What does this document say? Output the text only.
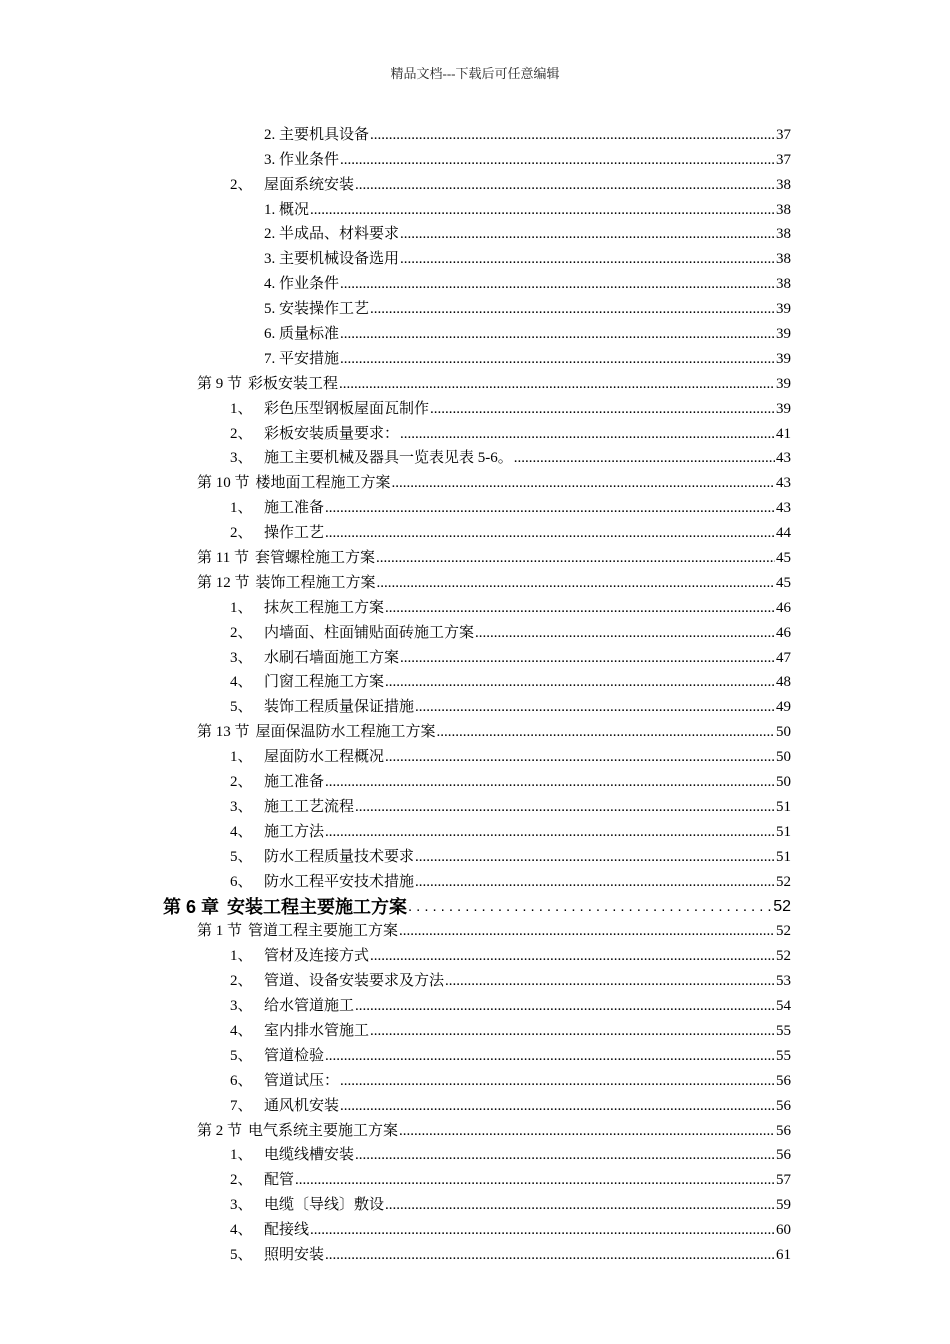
精品文档---下载后可任意编辑
2. 主要机具设备 .....	37
3. 作业条件 .....	37
2、 屋面系统安装 .....	38
1. 概况 .....	38
2. 半成品、材料要求 .....	38
3. 主要机械设备选用 .....	38
4. 作业条件 .....	38
5. 安装操作工艺 .....	39
6. 质量标准 .....	39
7. 平安措施 .....	39
第 9 节 彩板安装工程 .....	39
1、 彩色压型钢板屋面瓦制作 .....	39
2、 彩板安装质量要求： .....	41
3、 施工主要机械及器具一览表见表 5-6。 .....	43
第 10 节 楼地面工程施工方案 .....	43
1、 施工准备 .....	43
2、 操作工艺 .....	44
第 11 节 套管螺栓施工方案 .....	45
第 12 节 装饰工程施工方案 .....	45
1、 抹灰工程施工方案 .....	46
2、 内墙面、柱面铺贴面砖施工方案 .....	46
3、 水刷石墙面施工方案 .....	47
4、 门窗工程施工方案 .....	48
5、 装饰工程质量保证措施 .....	49
第 13 节 屋面保温防水工程施工方案 .....	50
1、 屋面防水工程概况 .....	50
2、 施工准备 .....	50
3、 施工工艺流程 .....	51
4、 施工方法 .....	51
5、 防水工程质量技术要求 .....	51
6、 防水工程平安技术措施 .....	52
第 6 章 安装工程主要施工方案 .....	52
第 1 节 管道工程主要施工方案 .....	52
1、 管材及连接方式 .....	52
2、 管道、设备安装要求及方法 .....	53
3、 给水管道施工 .....	54
4、 室内排水管施工 .....	55
5、 管道检验 .....	55
6、 管道试压： .....	56
7、 通风机安装 .....	56
第 2 节 电气系统主要施工方案 .....	56
1、 电缆线槽安装 .....	56
2、 配管 .....	57
3、 电缆〔导线〕敷设 .....	59
4、 配接线 .....	60
5、 照明安装 .....	61
